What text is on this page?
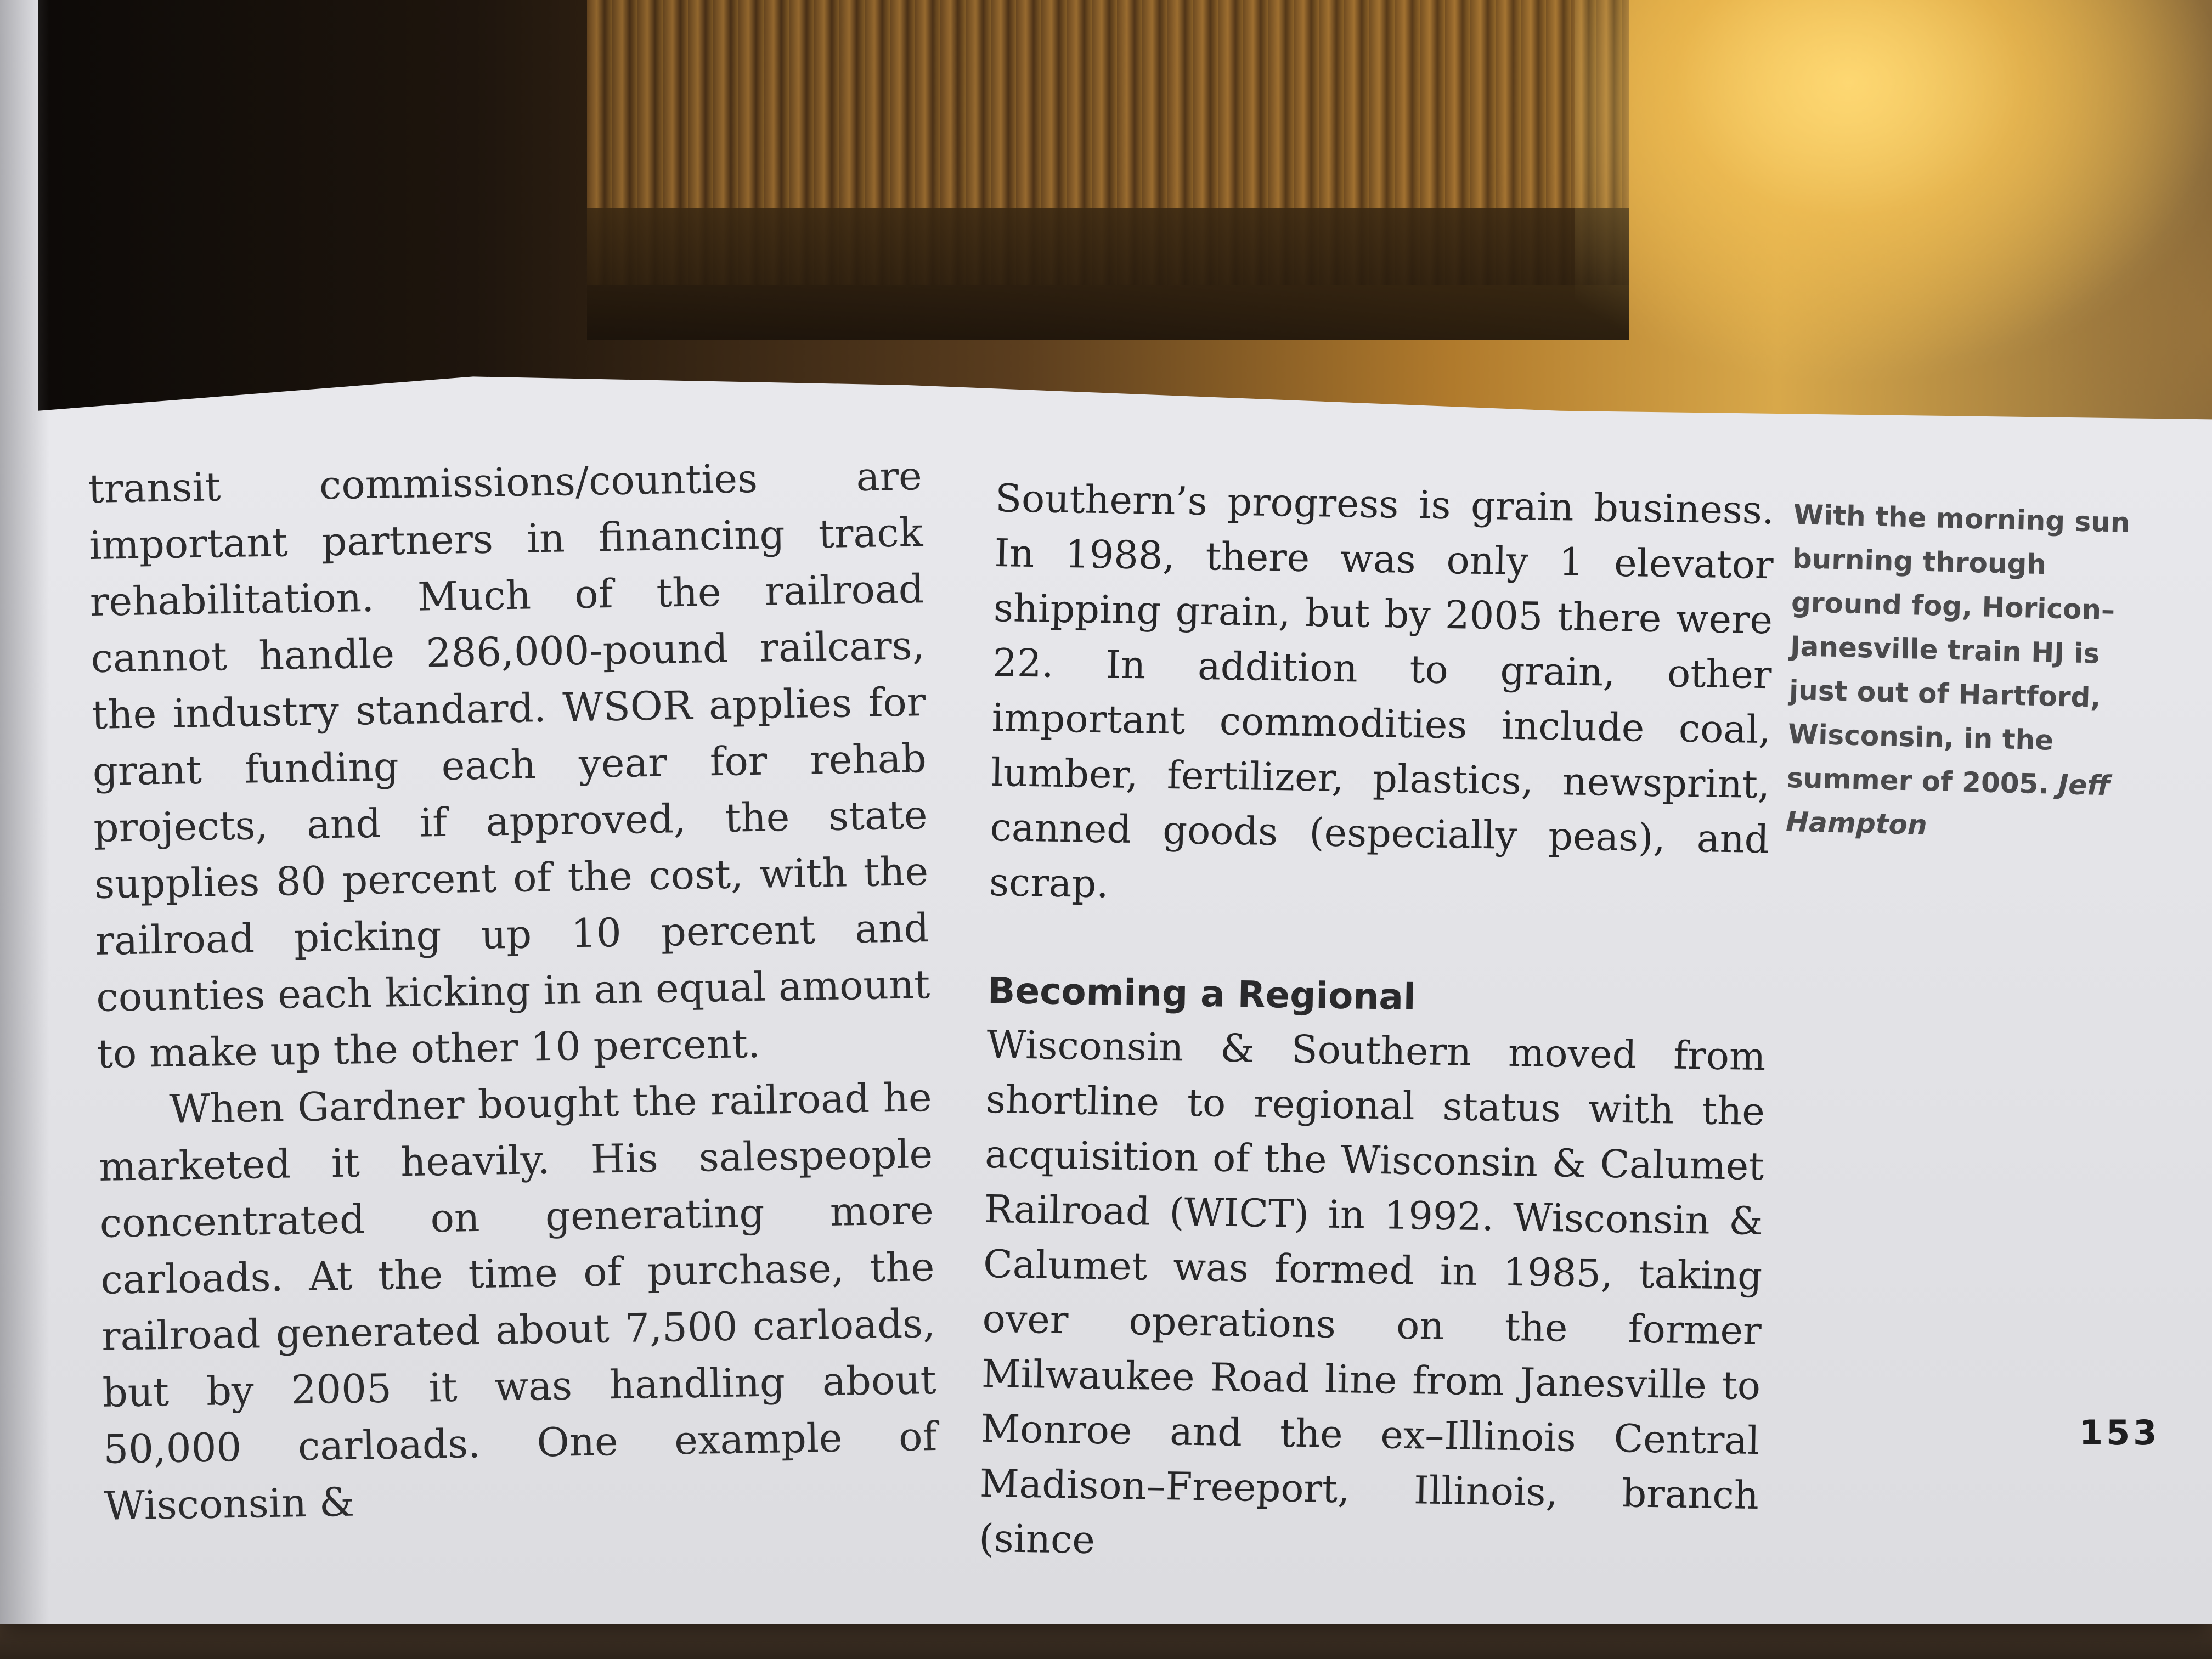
transit commissions/counties are important partners in financing track rehabilitation. Much of the railroad cannot handle 286,000-pound railcars, the industry standard. WSOR applies for grant funding each year for rehab projects, and if approved, the state supplies 80 percent of the cost, with the railroad picking up 10 percent and counties each kicking in an equal amount to make up the other 10 percent.

When Gardner bought the railroad he marketed it heavily. His salespeople concentrated on generating more carloads. At the time of purchase, the railroad generated about 7,500 carloads, but by 2005 it was handling about 50,000 carloads. One example of Wisconsin &

Southern’s progress is grain business. In 1988, there was only 1 elevator shipping grain, but by 2005 there were 22. In addition to grain, other important commodities include coal, lumber, fertilizer, plastics, newsprint, canned goods (especially peas), and scrap.

Becoming a Regional

Wisconsin & Southern moved from shortline to regional status with the acquisition of the Wisconsin & Calumet Railroad (WICT) in 1992. Wisconsin & Calumet was formed in 1985, taking over operations on the former Milwaukee Road line from Janesville to Monroe and the ex–Illinois Central Madison–Freeport, Illinois, branch (since

With the morning sun burning through ground fog, Horicon–Janesville train HJ is just out of Hartford, Wisconsin, in the summer of 2005. Jeff Hampton
153
